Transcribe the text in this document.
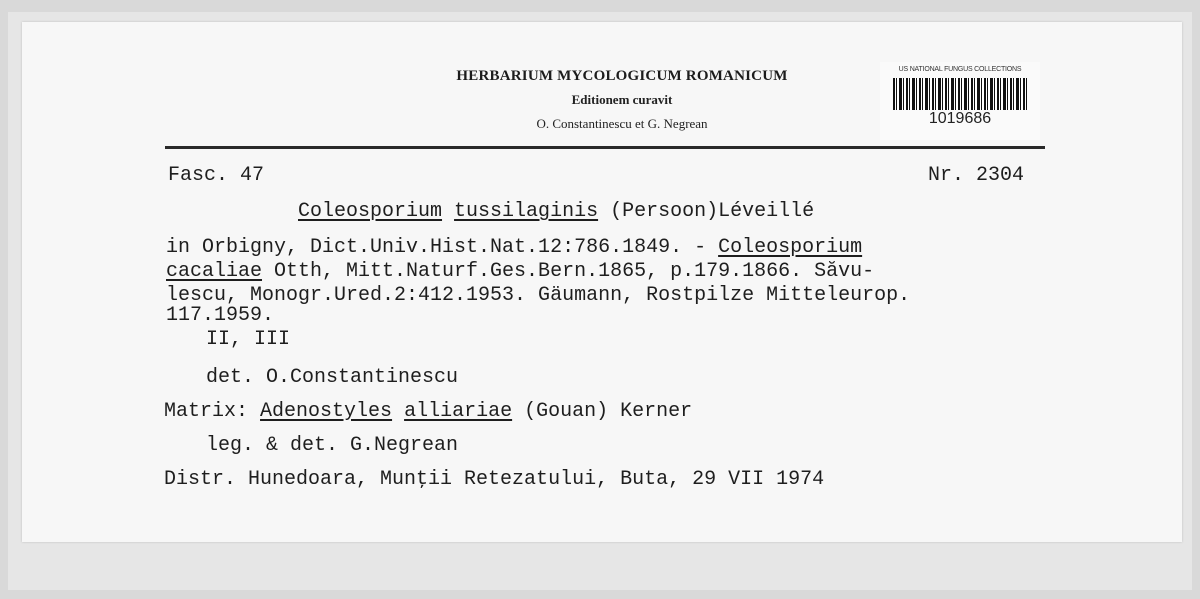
HERBARIUM MYCOLOGICUM ROMANICUM
Editionem curavit
O. Constantinescu et G. Negrean
US NATIONAL FUNGUS COLLECTIONS
1019686
Fasc. 47	Nr. 2304
Coleosporium tussilaginis (Persoon)Léveillé
in Orbigny, Dict.Univ.Hist.Nat.12:786.1849. - Coleosporium
cacaliae Otth, Mitt.Naturf.Ges.Bern.1865, p.179.1866. Săvu-
lescu, Monogr.Ured.2:412.1953. Gäumann, Rostpilze Mitteleurop.
117.1959.
II, III
det. O.Constantinescu
Matrix: Adenostyles alliariae (Gouan) Kerner
leg. & det. G.Negrean
Distr. Hunedoara, Munţii Retezatului, Buta, 29 VII 1974
